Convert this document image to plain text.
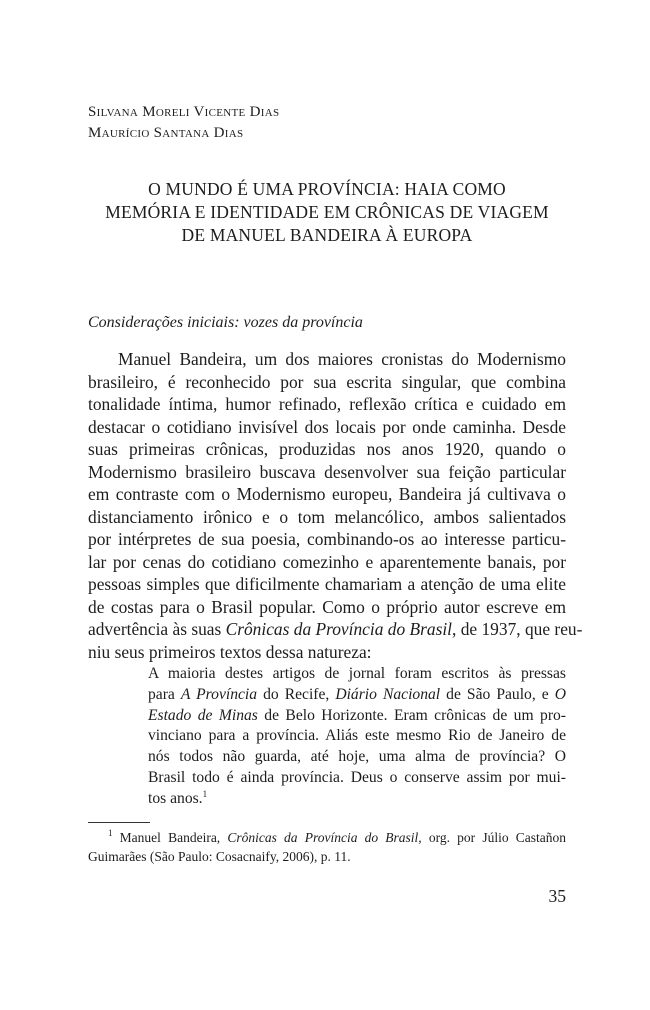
Silvana Moreli Vicente Dias
Maurício Santana Dias
O MUNDO É UMA PROVÍNCIA: HAIA COMO
MEMÓRIA E IDENTIDADE EM CRÔNICAS DE VIAGEM
DE MANUEL BANDEIRA À EUROPA
Considerações iniciais: vozes da província
Manuel Bandeira, um dos maiores cronistas do Modernismo
brasileiro, é reconhecido por sua escrita singular, que combina
tonalidade íntima, humor refinado, reflexão crítica e cuidado em
destacar o cotidiano invisível dos locais por onde caminha. Desde
suas primeiras crônicas, produzidas nos anos 1920, quando o
Modernismo brasileiro buscava desenvolver sua feição particular
em contraste com o Modernismo europeu, Bandeira já cultivava o
distanciamento irônico e o tom melancólico, ambos salientados
por intérpretes de sua poesia, combinando-os ao interesse particu-
lar por cenas do cotidiano comezinho e aparentemente banais, por
pessoas simples que dificilmente chamariam a atenção de uma elite
de costas para o Brasil popular. Como o próprio autor escreve em
advertência às suas Crônicas da Província do Brasil, de 1937, que reu-
niu seus primeiros textos dessa natureza:
A maioria destes artigos de jornal foram escritos às pressas
para A Província do Recife, Diário Nacional de São Paulo, e O
Estado de Minas de Belo Horizonte. Eram crônicas de um pro-
vinciano para a província. Aliás este mesmo Rio de Janeiro de
nós todos não guarda, até hoje, uma alma de província? O
Brasil todo é ainda província. Deus o conserve assim por mui-
tos anos.$^1$
$^1$ Manuel Bandeira, Crônicas da Província do Brasil, org. por Júlio Castañon
Guimarães (São Paulo: Cosacnaify, 2006), p. 11.
35
